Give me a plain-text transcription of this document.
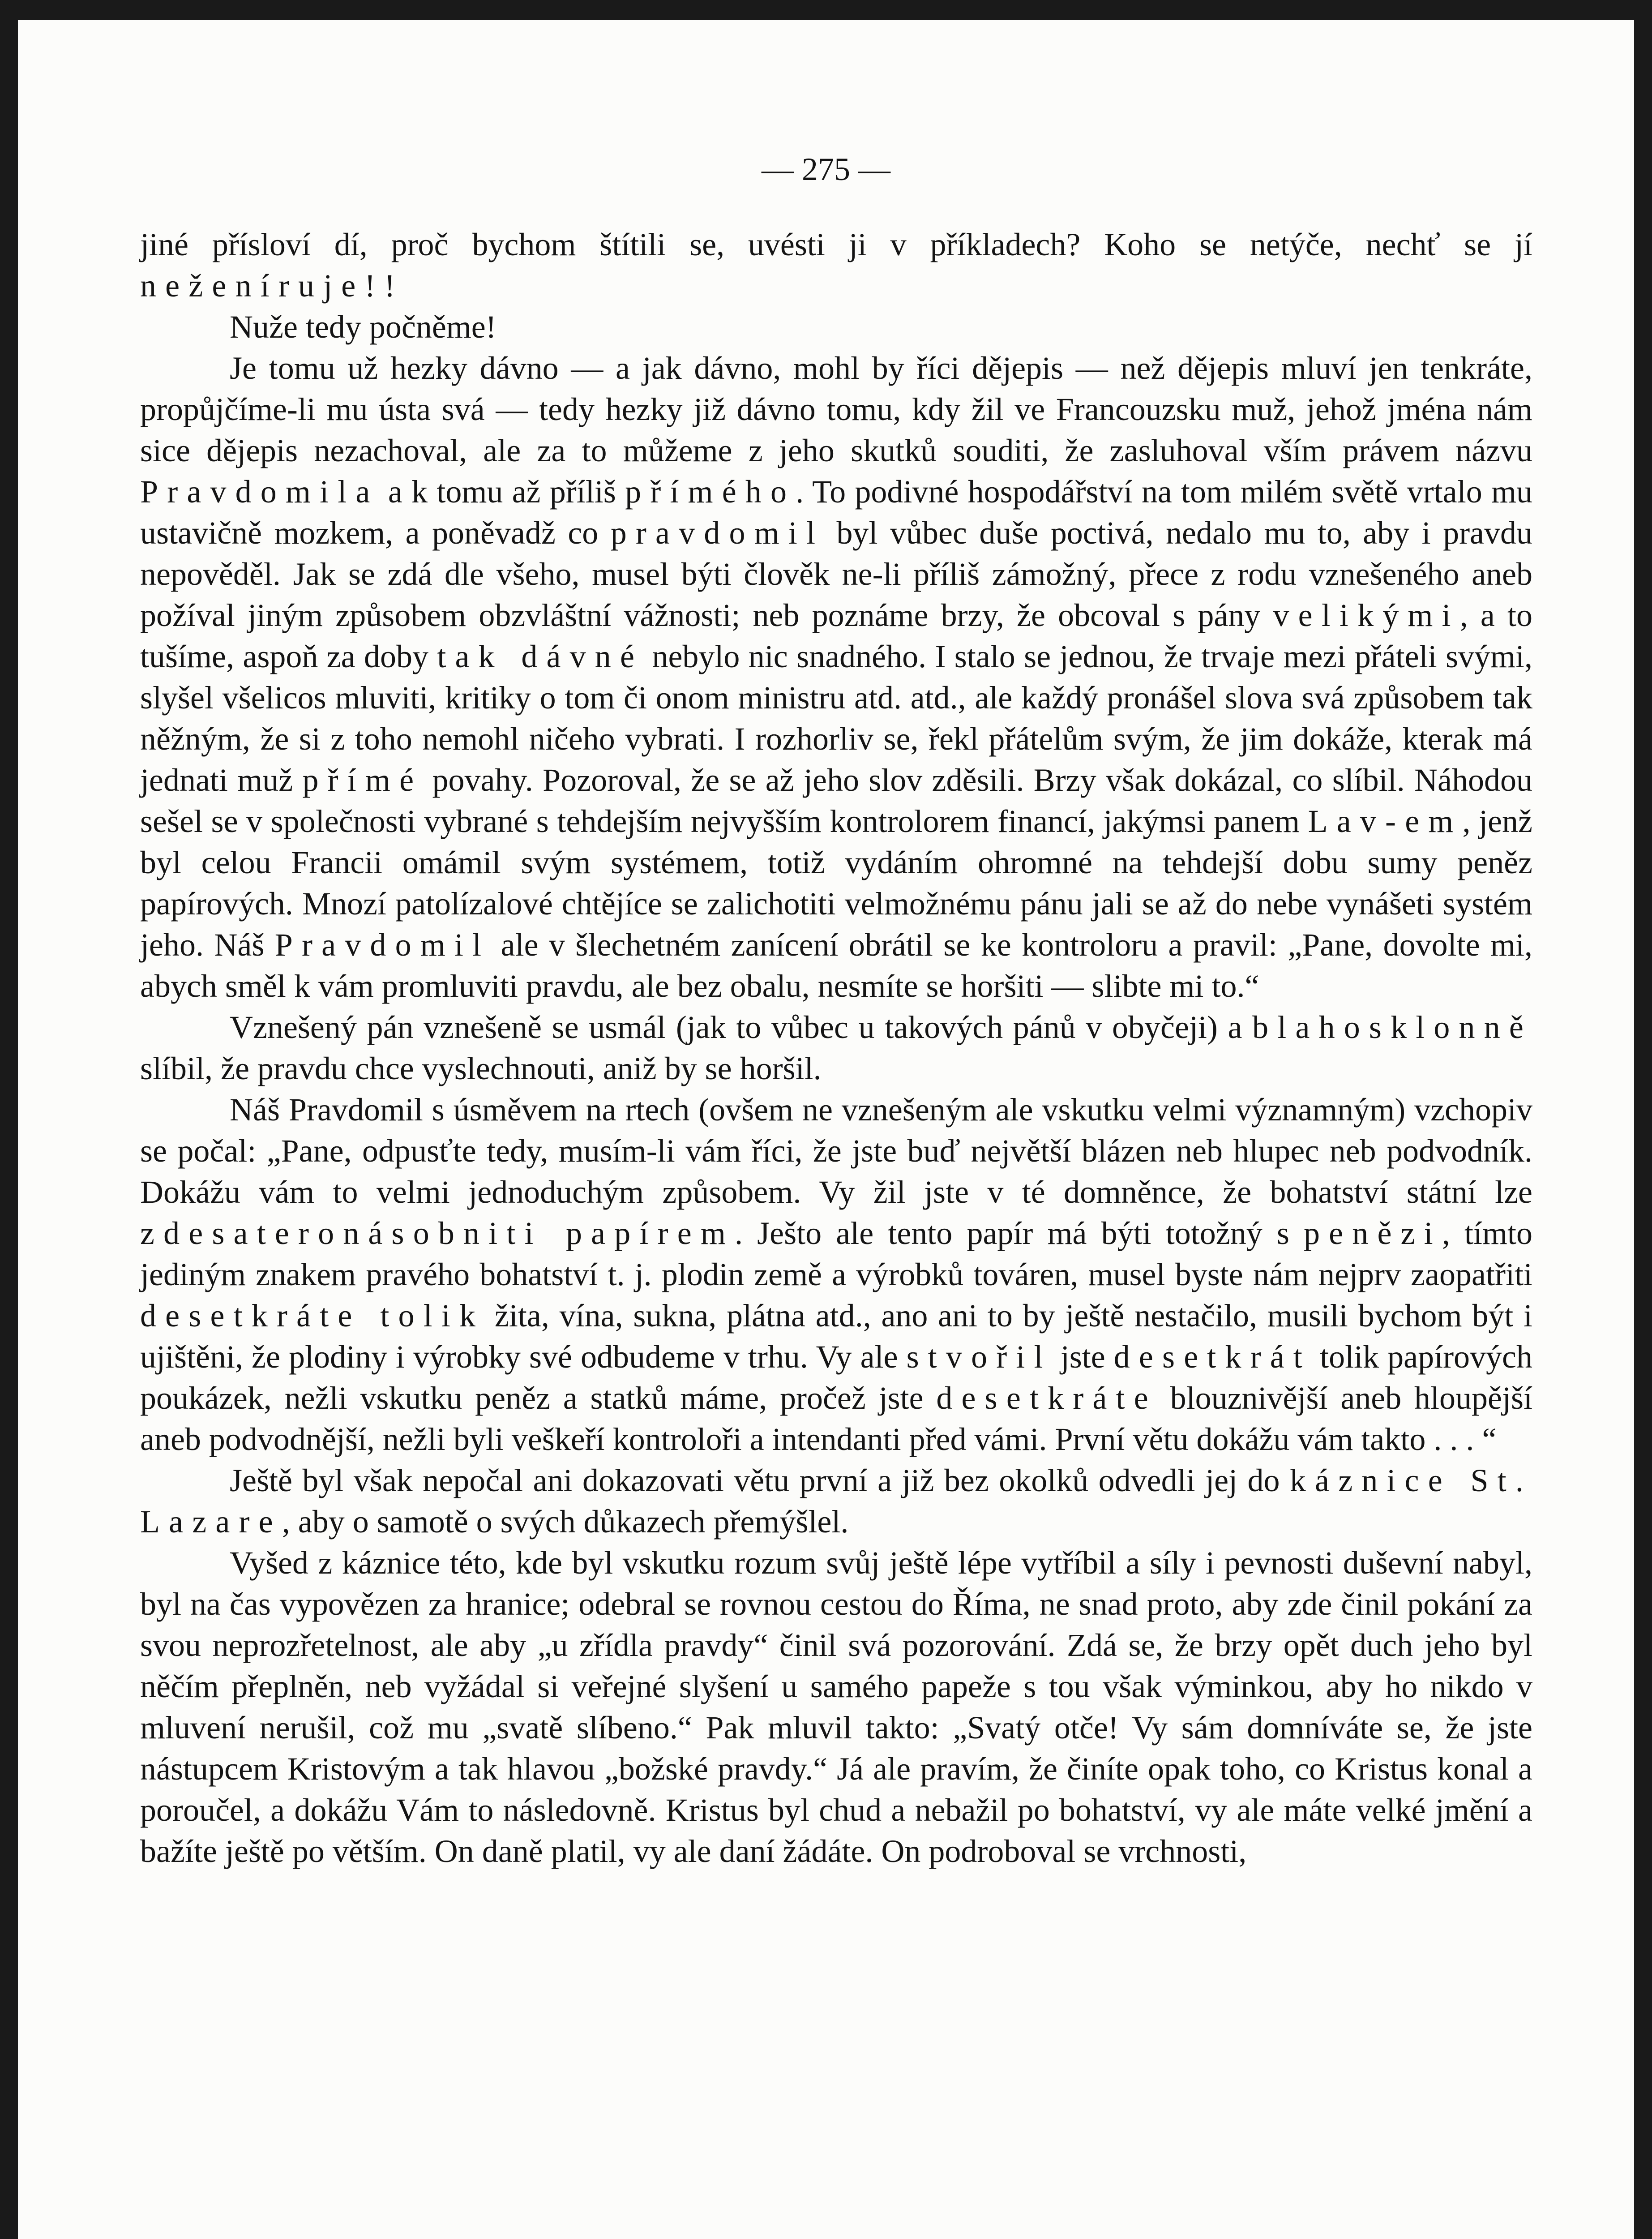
— 275 —

jiné přísloví dí, proč bychom štítili se, uvésti ji v příkladech? Koho se netýče, nechť se jí neženíruje!!

Nuže tedy počněme!

Je tomu už hezky dávno — a jak dávno, mohl by říci dějepis — než dějepis mluví jen tenkráte, propůjčíme-li mu ústa svá — tedy hezky již dávno tomu, kdy žil ve Francouzsku muž, jehož jména nám sice dějepis nezachoval, ale za to můžeme z jeho skutků souditi, že zasluhoval vším právem názvu Pravdomila a k tomu až příliš přímého. To podivné hospodářství na tom milém světě vrtalo mu ustavičně mozkem, a poněvadž co pravdomil byl vůbec duše poctivá, nedalo mu to, aby i pravdu nepověděl. Jak se zdá dle všeho, musel býti člověk ne-li příliš zámožný, přece z rodu vznešeného aneb požíval jiným způsobem obzvláštní vážnosti; neb poznáme brzy, že obcoval s pány velikými, a to tušíme, aspoň za doby tak dávné nebylo nic snadného. I stalo se jednou, že trvaje mezi přáteli svými, slyšel všelicos mluviti, kritiky o tom či onom ministru atd. atd., ale každý pronášel slova svá způsobem tak něžným, že si z toho nemohl ničeho vybrati. I rozhorliv se, řekl přátelům svým, že jim dokáže, kterak má jednati muž přímé povahy. Pozoroval, že se až jeho slov zděsili. Brzy však dokázal, co slíbil. Náhodou sešel se v společnosti vybrané s tehdejším nejvyšším kontrolorem financí, jakýmsi panem Lav-em, jenž byl celou Francii omámil svým systémem, totiž vydáním ohromné na tehdejší dobu sumy peněz papírových. Mnozí patolízalové chtějíce se zalichotiti velmožnému pánu jali se až do nebe vynášeti systém jeho. Náš Pravdomil ale v šlechetném zanícení obrátil se ke kontroloru a pravil: „Pane, dovolte mi, abych směl k vám promluviti pravdu, ale bez obalu, nesmíte se horšiti — slibte mi to.“

Vznešený pán vznešeně se usmál (jak to vůbec u takových pánů v obyčeji) a blahosklonně slíbil, že pravdu chce vyslechnouti, aniž by se horšil.

Náš Pravdomil s úsměvem na rtech (ovšem ne vznešeným ale vskutku velmi významným) vzchopiv se počal: „Pane, odpusťte tedy, musím-li vám říci, že jste buď největší blázen neb hlupec neb podvodník. Dokážu vám to velmi jednoduchým způsobem. Vy žil jste v té domněnce, že bohatství státní lze zdesateronásobniti papírem. Ješto ale tento papír má býti totožný s penězi, tímto jediným znakem pravého bohatství t. j. plodin země a výrobků továren, musel byste nám nejprv zaopatřiti desetkráte tolik žita, vína, sukna, plátna atd., ano ani to by ještě nestačilo, musili bychom být i ujištěni, že plodiny i výrobky své odbudeme v trhu. Vy ale stvořil jste desetkrát tolik papírových poukázek, nežli vskutku peněz a statků máme, pročež jste desetkráte blouznivější aneb hloupější aneb podvodnější, nežli byli veškeří kontroloři a intendanti před vámi. První větu dokážu vám takto . . . “

Ještě byl však nepočal ani dokazovati větu první a již bez okolků odvedli jej do káznice St. Lazare, aby o samotě o svých důkazech přemýšlel.

Vyšed z káznice této, kde byl vskutku rozum svůj ještě lépe vytříbil a síly i pevnosti duševní nabyl, byl na čas vypovězen za hranice; odebral se rovnou cestou do Říma, ne snad proto, aby zde činil pokání za svou neprozřetelnost, ale aby „u zřídla pravdy“ činil svá pozorování. Zdá se, že brzy opět duch jeho byl něčím přeplněn, neb vyžádal si veřejné slyšení u samého papeže s tou však výminkou, aby ho nikdo v mluvení nerušil, což mu „svatě slíbeno.“ Pak mluvil takto: „Svatý otče! Vy sám domníváte se, že jste nástupcem Kristovým a tak hlavou „božské pravdy.“ Já ale pravím, že činíte opak toho, co Kristus konal a poroučel, a dokážu Vám to následovně. Kristus byl chud a nebažil po bohatství, vy ale máte velké jmění a bažíte ještě po větším. On daně platil, vy ale daní žádáte. On podroboval se vrchnosti,
